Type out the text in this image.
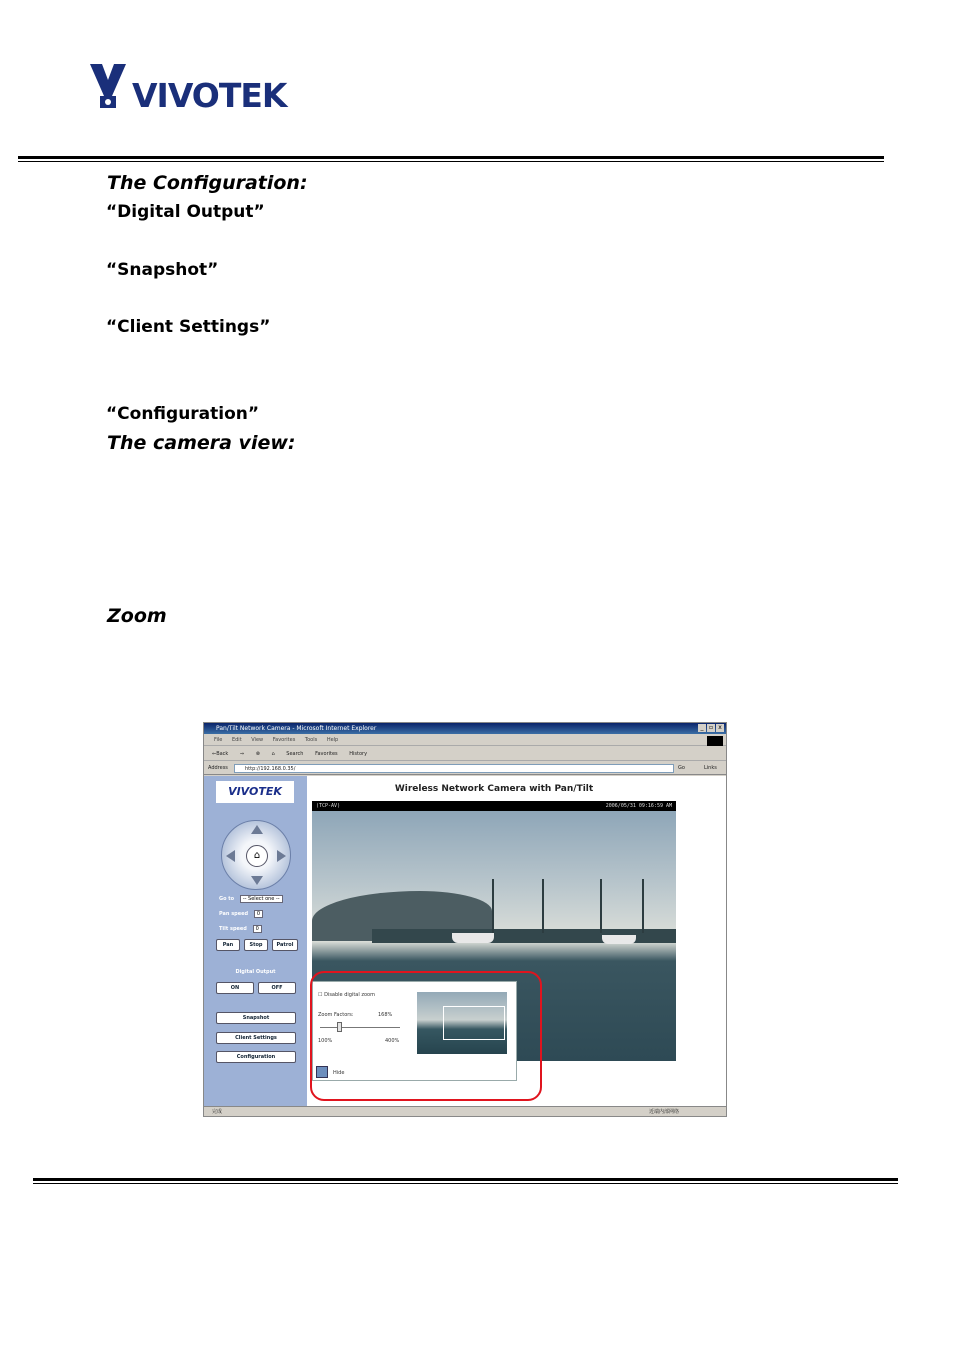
VIVOTEK
The Configuration:
“Digital Output”
“Snapshot”
“Client Settings”
“Configuration”
The camera view:
Zoom
Pan/Tilt Network Camera - Microsoft Internet Explorer	_ ▫ x
File Edit View Favorites Tools Help
⇐Back ⇒ ⊗ ⌂ Search Favorites History
Address	http://192.168.0.35/	Go	Links
VIVOTEK
⌂
Go to -- Select one --
Pan speed 0
Tilt speed 0
Pan	Stop	Patrol
Digital Output
ON	OFF
Snapshot
Client Settings
Configuration
Wireless Network Camera with Pan/Tilt
(TCP-AV)	2006/05/31 09:16:59 AM
☐ Disable digital zoom
Zoom Factors:	168%
100%	400%
Hide
完成	近端内部网络
